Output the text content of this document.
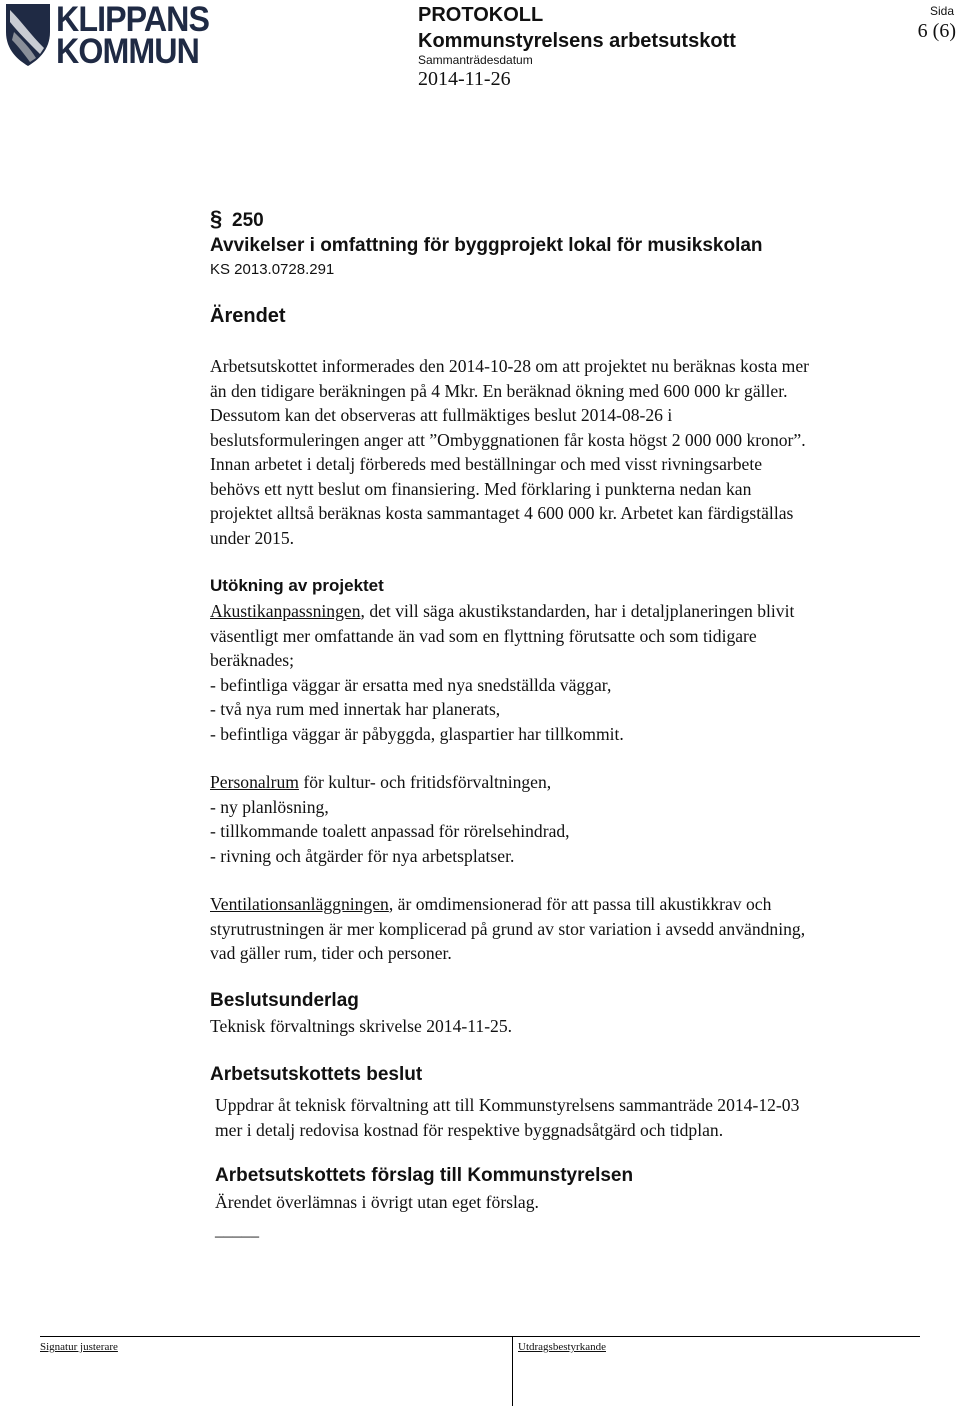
KLIPPANS
KOMMUN
PROTOKOLL
Kommunstyrelsens arbetsutskott
Sammanträdesdatum
2014-11-26
Sida
6 (6)
§ 250
Avvikelser i omfattning för byggprojekt lokal för musikskolan
KS 2013.0728.291
Ärendet
Arbetsutskottet informerades den 2014-10-28 om att projektet nu beräknas kosta mer
än den tidigare beräkningen på 4 Mkr. En beräknad ökning med 600 000 kr gäller.
Dessutom kan det observeras att fullmäktiges beslut 2014-08-26 i
beslutsformuleringen anger att ”Ombyggnationen får kosta högst 2 000 000 kronor”.
Innan arbetet i detalj förbereds med beställningar och med visst rivningsarbete
behövs ett nytt beslut om finansiering. Med förklaring i punkterna nedan kan
projektet alltså beräknas kosta sammantaget 4 600 000 kr. Arbetet kan färdigställas
under 2015.
Utökning av projektet
Akustikanpassningen, det vill säga akustikstandarden, har i detaljplaneringen blivit
väsentligt mer omfattande än vad som en flyttning förutsatte och som tidigare
beräknades;
- befintliga väggar är ersatta med nya snedställda väggar,
- två nya rum med innertak har planerats,
- befintliga väggar är påbyggda, glaspartier har tillkommit.
Personalrum för kultur- och fritidsförvaltningen,
- ny planlösning,
- tillkommande toalett anpassad för rörelsehindrad,
- rivning och åtgärder för nya arbetsplatser.
Ventilationsanläggningen, är omdimensionerad för att passa till akustikkrav och
styrutrustningen är mer komplicerad på grund av stor variation i avsedd användning,
vad gäller rum, tider och personer.
Beslutsunderlag
Teknisk förvaltnings skrivelse 2014-11-25.
Arbetsutskottets beslut
Uppdrar åt teknisk förvaltning att till Kommunstyrelsens sammanträde 2014-12-03
mer i detalj redovisa kostnad för respektive byggnadsåtgärd och tidplan.
Arbetsutskottets förslag till Kommunstyrelsen
Ärendet överlämnas i övrigt utan eget förslag.
_____
Signatur justerare	Utdragsbestyrkande
